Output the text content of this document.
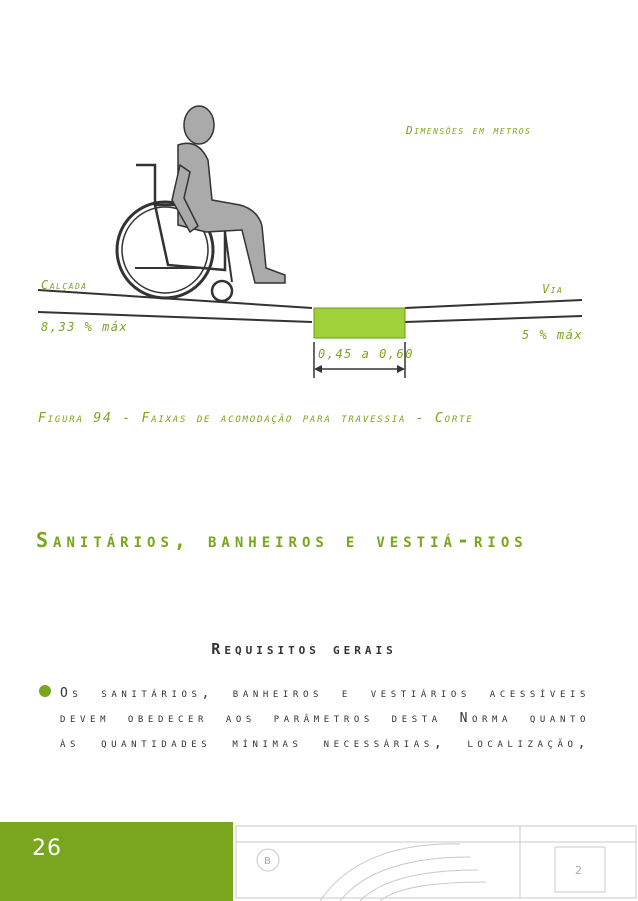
Dimensões em metros
Calçada	Via
8,33 % máx
5 % máx
0,45 a 0,60
Figura 94 - Faixas de acomodação para travessia - Corte
Sanitários, banheiros e vestiá-rios
Requisitos gerais
Os sanitários, banheiros e vestiários acessíveis devem obedecer aos parâmetros desta Norma quanto às quantidades mínimas necessárias, localização,
B
2
26
